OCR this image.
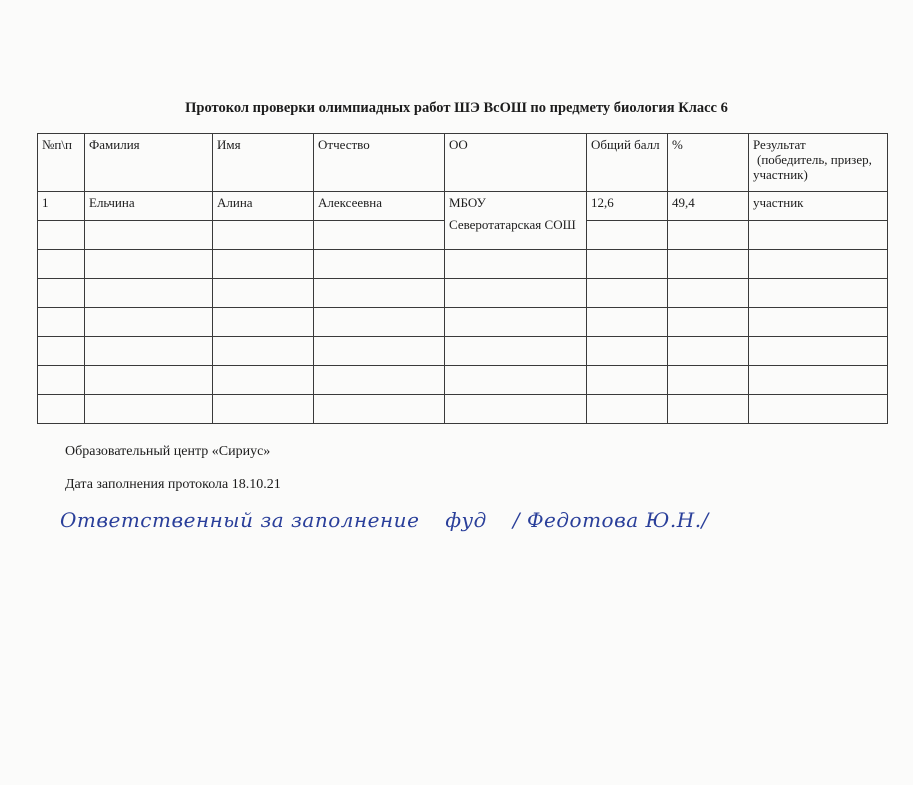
Протокол проверки олимпиадных работ ШЭ ВсОШ по предмету биология Класс 6
№п\п	Фамилия	Имя	Отчество	ОО	Общий балл	%	Результат
(победитель, призер,
участник)

1	Ельчина	Алина	Алексеевна	МБОУ
Северотатарская СОШ	12,6	49,4	участник

Образовательный центр «Сириус»
Дата заполнения протокола 18.10.21
Ответственный за заполнение фуд / Федотова Ю.Н./
